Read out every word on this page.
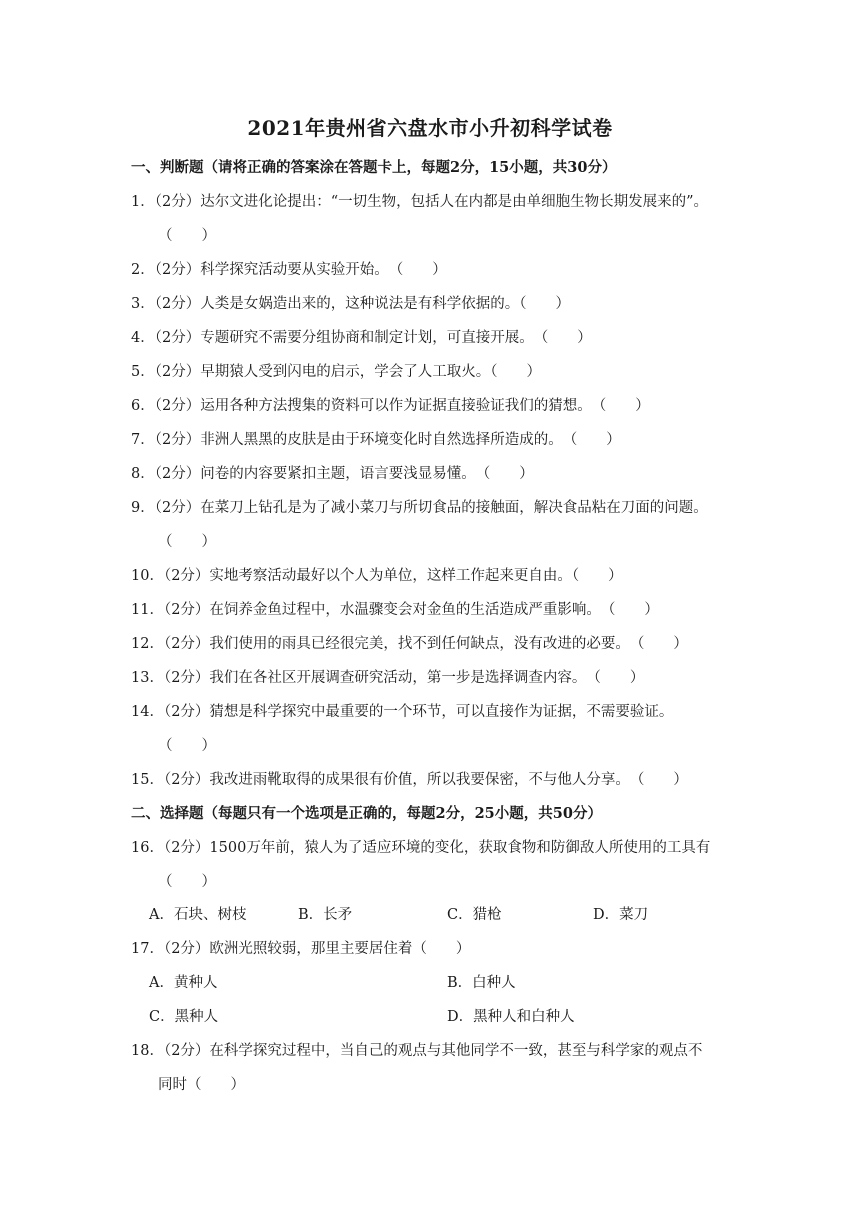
2021年贵州省六盘水市小升初科学试卷
一、判断题（请将正确的答案涂在答题卡上，每题2分，15小题，共30分）
1．（2分）达尔文进化论提出：“一切生物，包括人在内都是由单细胞生物长期发展来的”。
（　　）
2．（2分）科学探究活动要从实验开始。　（　　）
3．（2分）人类是女娲造出来的，这种说法是有科学依据的。（　　）
4．（2分）专题研究不需要分组协商和制定计划，可直接开展。　（　　）
5．（2分）早期猿人受到闪电的启示，学会了人工取火。（　　）
6．（2分）运用各种方法搜集的资料可以作为证据直接验证我们的猜想。　（　　）
7．（2分）非洲人黑黑的皮肤是由于环境变化时自然选择所造成的。　（　　）
8．（2分）问卷的内容要紧扣主题，语言要浅显易懂。　（　　）
9．（2分）在菜刀上钻孔是为了减小菜刀与所切食品的接触面，解决食品粘在刀面的问题。
（　　）
10．（2分）实地考察活动最好以个人为单位，这样工作起来更自由。（　　）
11．（2分）在饲养金鱼过程中，水温骤变会对金鱼的生活造成严重影响。　（　　）
12．（2分）我们使用的雨具已经很完美，找不到任何缺点，没有改进的必要。　（　　）
13．（2分）我们在各社区开展调查研究活动，第一步是选择调查内容。　（　　）
14．（2分）猜想是科学探究中最重要的一个环节，可以直接作为证据，不需要验证。
（　　）
15．（2分）我改进雨靴取得的成果很有价值，所以我要保密，不与他人分享。　（　　）
二、选择题（每题只有一个选项是正确的，每题2分，25小题，共50分）
16．（2分）1500万年前，猿人为了适应环境的变化，获取食物和防御敌人所使用的工具有
（　　）
A．石块、树枝	B．长矛	C．猎枪	D．菜刀
17．（2分）欧洲光照较弱，那里主要居住着（　　）
A．黄种人	B．白种人
C．黑种人	D．黑种人和白种人
18．（2分）在科学探究过程中，当自己的观点与其他同学不一致，甚至与科学家的观点不
同时（　　）
